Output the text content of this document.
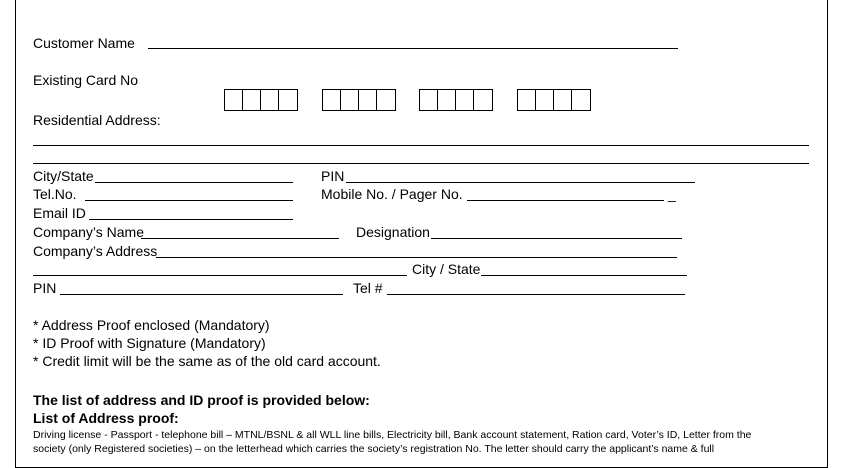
Customer Name
Existing Card No
Residential Address:
City/State	PIN
Tel.No.	Mobile No. / Pager No.	_
Email ID
Company’s Name	Designation
Company’s Address
City / State
PIN	Tel #
* Address Proof enclosed (Mandatory)
* ID Proof with Signature (Mandatory)
* Credit limit will be the same as of the old card account.
The list of address and ID proof is provided below:
List of Address proof:
Driving license - Passport - telephone bill – MTNL/BSNL & all WLL line bills, Electricity bill, Bank account statement, Ration card, Voter’s ID, Letter from the
society (only Registered societies) – on the letterhead which carries the society’s registration No. The letter should carry the applicant’s name & full
